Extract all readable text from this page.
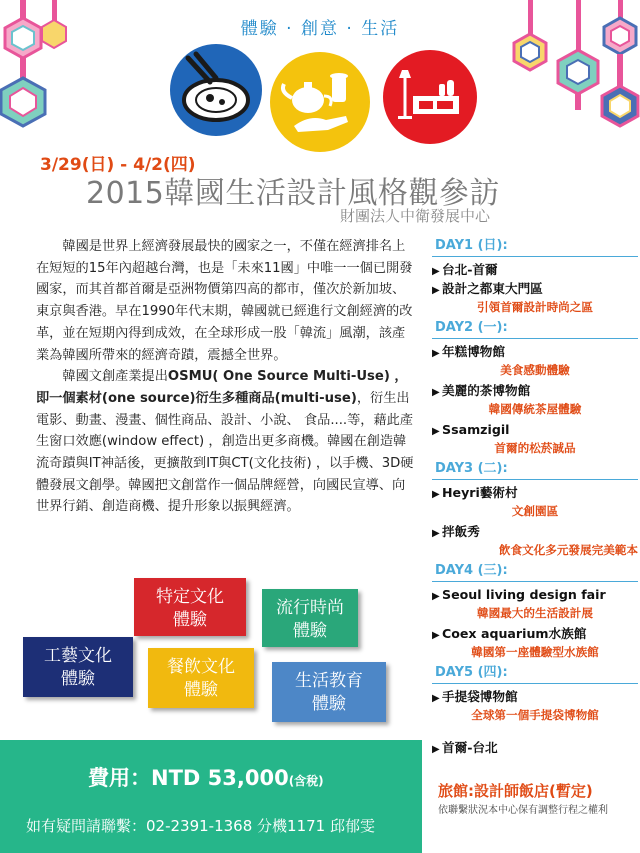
體驗 · 創意 · 生活
3/29(日) - 4/2(四)
2015韓國生活設計風格觀參訪
財團法人中衛發展中心

韓國是世界上經濟發展最快的國家之一，不僅在經濟排名上在短短的15年內超越台灣，也是「未來11國」中唯一一個已開發國家，而其首都首爾是亞洲物價第四高的都市，僅次於新加坡、東京與香港。早在1990年代末期，韓國就已經進行文創經濟的改革，並在短期內得到成效，在全球形成一股「韓流」風潮，該產業為韓國所帶來的經濟奇蹟，震撼全世界。

韓國文創產業提出OSMU( One Source Multi-Use) ，即一個素材(one source)衍生多種商品(multi-use)，衍生出電影、動畫、漫畫、個性商品、設計、小說、 食品....等，藉此產生窗口效應(window effect) ，創造出更多商機。韓國在創造韓流奇蹟與IT神話後，更擴散到IT與CT(文化技術) ，以手機、3D硬體發展文創學。韓國把文創當作一個品牌經營，向國民宣導、向世界行銷、創造商機、提升形象以振興經濟。

特定文化
體驗
流行時尚
體驗
工藝文化
體驗
餐飲文化
體驗	生活教育
體驗
DAY1 (日):
▶ 台北-首爾
▶ 設計之都東大門區
引領首爾設計時尚之區
DAY2 (一):
▶ 年糕博物館
美食感動體驗
▶ 美麗的茶博物館
韓國傳統茶屋體驗
▶ Ssamzigil
首爾的松菸誠品
DAY3 (二):
▶ Heyri藝術村
文創園區
▶ 拌飯秀
飲食文化多元發展完美範本
DAY4 (三):
▶ Seoul living design fair
韓國最大的生活設計展
▶ Coex aquarium水族館
韓國第一座體驗型水族館
DAY5 (四):
▶ 手提袋博物館
全球第一個手提袋博物館
▶ 首爾-台北
費用：NTD 53,000(含稅)
如有疑問請聯繫：02-2391-1368 分機1171 邱郁雯
旅館:設計師飯店(暫定)
依聯繫狀況本中心保有調整行程之權利
